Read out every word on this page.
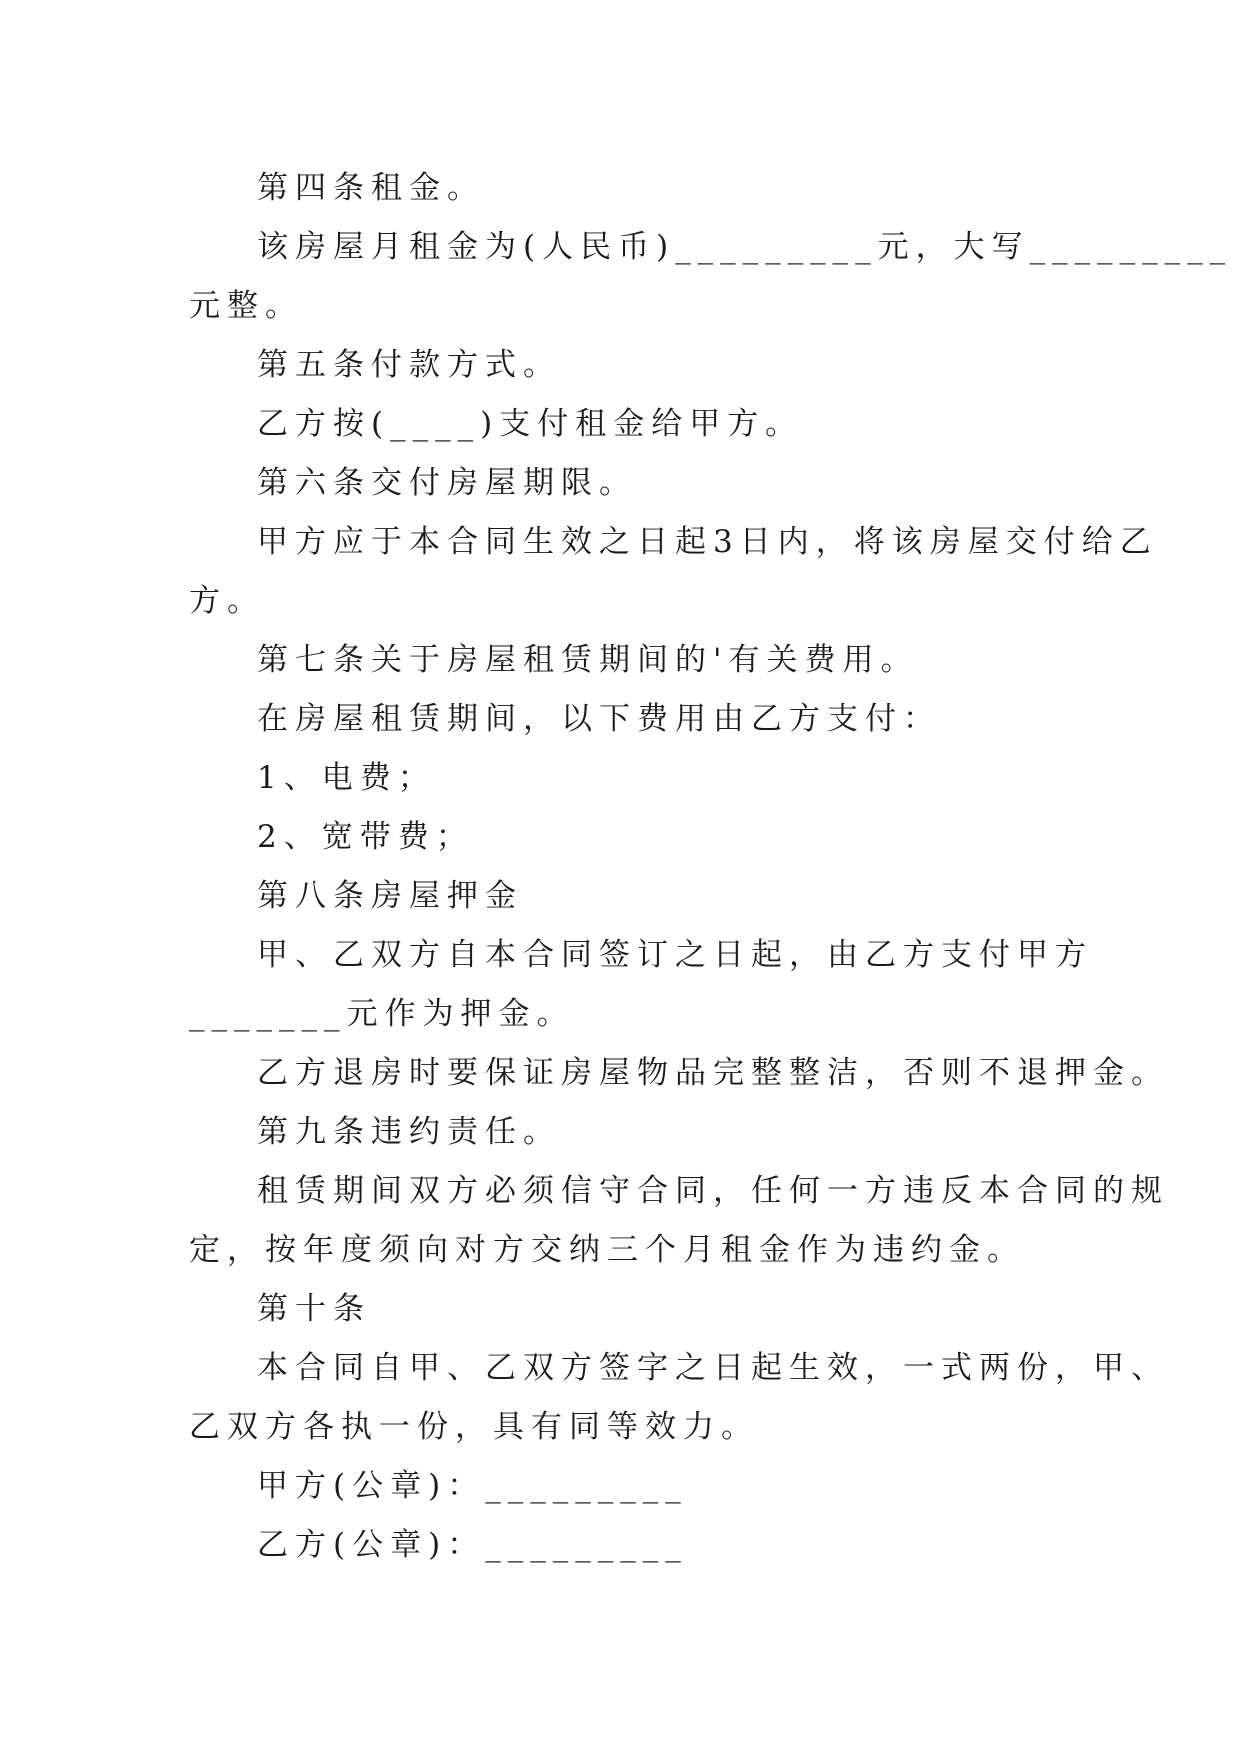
第四条租金。
该房屋月租金为(人民币)_________元，大写_________
元整。
第五条付款方式。
乙方按(____)支付租金给甲方。
第六条交付房屋期限。
甲方应于本合同生效之日起3日内，将该房屋交付给乙
方。
第七条关于房屋租赁期间的'有关费用。
在房屋租赁期间，以下费用由乙方支付：
1、电费；
2、宽带费；
第八条房屋押金
甲、乙双方自本合同签订之日起，由乙方支付甲方
_______元作为押金。
乙方退房时要保证房屋物品完整整洁，否则不退押金。
第九条违约责任。
租赁期间双方必须信守合同，任何一方违反本合同的规
定，按年度须向对方交纳三个月租金作为违约金。
第十条
本合同自甲、乙双方签字之日起生效，一式两份，甲、
乙双方各执一份，具有同等效力。
甲方(公章)：_________
乙方(公章)：_________
